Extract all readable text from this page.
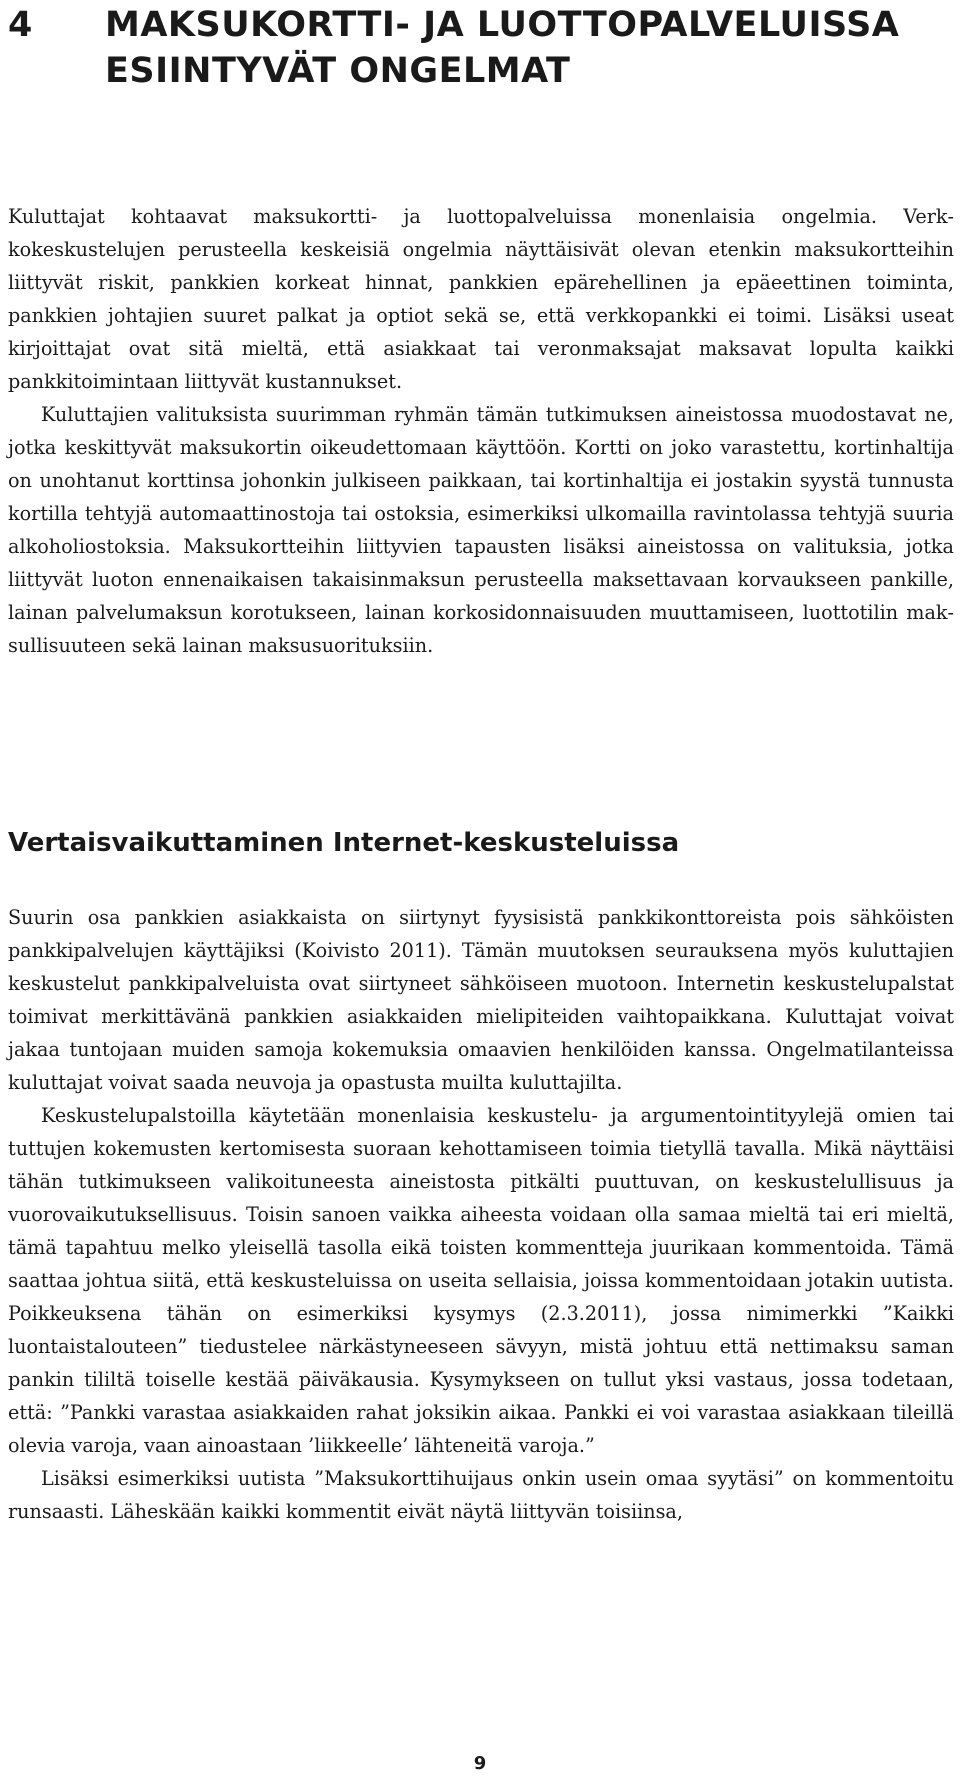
4	MAKSUKORTTI- JA LUOTTOPALVELUISSA ESIINTYVÄT ONGELMAT

Kuluttajat kohtaavat maksukortti- ja luottopalveluissa monenlaisia ongelmia. Verkkokeskustelujen perusteella keskeisiä ongelmia näyttäisivät olevan etenkin maksukortteihin liittyvät riskit, pankkien korkeat hinnat, pankkien epärehellinen ja epäeettinen toiminta, pankkien johtajien suuret palkat ja optiot sekä se, että verkkopankki ei toimi. Lisäksi useat kirjoittajat ovat sitä mieltä, että asiakkaat tai veronmaksajat maksavat lopulta kaikki pankkitoimintaan liittyvät kustannukset.

Kuluttajien valituksista suurimman ryhmän tämän tutkimuksen aineistossa muodostavat ne, jotka keskittyvät maksukortin oikeudettomaan käyttöön. Kortti on joko varastettu, kortinhaltija on unohtanut korttinsa johonkin julkiseen paikkaan, tai kortinhaltija ei jostakin syystä tunnusta kortilla tehtyjä automaattinostoja tai ostoksia, esimerkiksi ulkomailla ravintolassa tehtyjä suuria alkoholiostoksia. Maksukortteihin liittyvien tapausten lisäksi aineistossa on valituksia, jotka liittyvät luoton ennenaikaisen takaisinmaksun perusteella maksettavaan korvaukseen pankille, lainan palvelumaksun korotukseen, lainan korkosidonnaisuuden muuttamiseen, luottotilin maksullisuuteen sekä lainan maksusuorituksiin.

Vertaisvaikuttaminen Internet-keskusteluissa

Suurin osa pankkien asiakkaista on siirtynyt fyysisistä pankkikonttoreista pois sähköisten pankkipalvelujen käyttäjiksi (Koivisto 2011). Tämän muutoksen seurauksena myös kuluttajien keskustelut pankkipalveluista ovat siirtyneet sähköiseen muotoon. Internetin keskustelupalstat toimivat merkittävänä pankkien asiakkaiden mielipiteiden vaihtopaikkana. Kuluttajat voivat jakaa tuntojaan muiden samoja kokemuksia omaavien henkilöiden kanssa. Ongelmatilanteissa kuluttajat voivat saada neuvoja ja opastusta muilta kuluttajilta.

Keskustelupalstoilla käytetään monenlaisia keskustelu- ja argumentointityylejä omien tai tuttujen kokemusten kertomisesta suoraan kehottamiseen toimia tietyllä tavalla. Mikä näyttäisi tähän tutkimukseen valikoituneesta aineistosta pitkälti puuttuvan, on keskustelullisuus ja vuorovaikutuksellisuus. Toisin sanoen vaikka aiheesta voidaan olla samaa mieltä tai eri mieltä, tämä tapahtuu melko yleisellä tasolla eikä toisten kommentteja juurikaan kommentoida. Tämä saattaa johtua siitä, että keskusteluissa on useita sellaisia, joissa kommentoidaan jotakin uutista. Poikkeuksena tähän on esimerkiksi kysymys (2.3.2011), jossa nimimerkki ”Kaikki luontaistalouteen” tiedustelee närkästyneeseen sävyyn, mistä johtuu että nettimaksu saman pankin tililtä toiselle kestää päiväkausia. Kysymykseen on tullut yksi vastaus, jossa todetaan, että: ”Pankki varastaa asiakkaiden rahat joksikin aikaa. Pankki ei voi varastaa asiakkaan tileillä olevia varoja, vaan ainoastaan ’liikkeelle’ lähteneitä varoja.”

Lisäksi esimerkiksi uutista ”Maksukorttihuijaus onkin usein omaa syytäsi” on kommentoitu runsaasti. Läheskään kaikki kommentit eivät näytä liittyvän toisiinsa,

9
